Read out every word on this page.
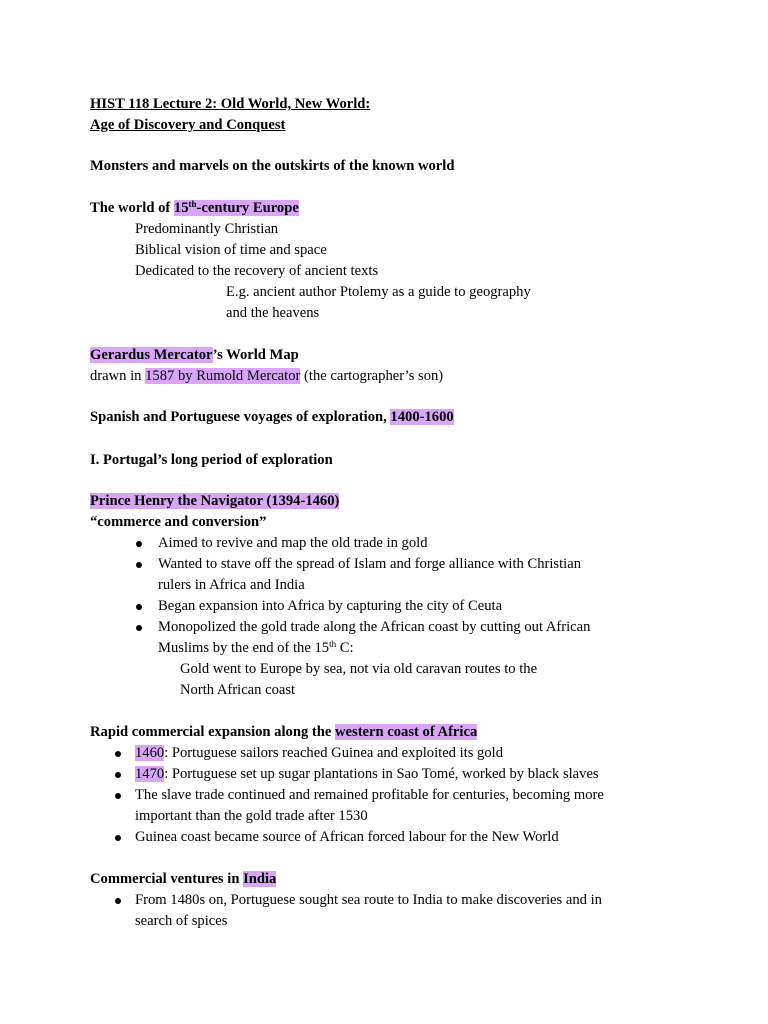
HIST 118 Lecture 2: Old World, New World:
Age of Discovery and Conquest
Monsters and marvels on the outskirts of the known world
The world of 15th-century Europe
Predominantly Christian
Biblical vision of time and space
Dedicated to the recovery of ancient texts
E.g. ancient author Ptolemy as a guide to geography
and the heavens
Gerardus Mercator’s World Map
drawn in 1587 by Rumold Mercator (the cartographer’s son)
Spanish and Portuguese voyages of exploration, 1400-1600
I. Portugal’s long period of exploration
Prince Henry the Navigator (1394-1460)
“commerce and conversion”
Aimed to revive and map the old trade in gold
Wanted to stave off the spread of Islam and forge alliance with Christian
rulers in Africa and India
Began expansion into Africa by capturing the city of Ceuta
Monopolized the gold trade along the African coast by cutting out African
Muslims by the end of the 15th C:
Gold went to Europe by sea, not via old caravan routes to the
North African coast
Rapid commercial expansion along the western coast of Africa
1460: Portuguese sailors reached Guinea and exploited its gold
1470: Portuguese set up sugar plantations in Sao Tomé, worked by black slaves
The slave trade continued and remained profitable for centuries, becoming more
important than the gold trade after 1530
Guinea coast became source of African forced labour for the New World
Commercial ventures in India
From 1480s on, Portuguese sought sea route to India to make discoveries and in
search of spices
